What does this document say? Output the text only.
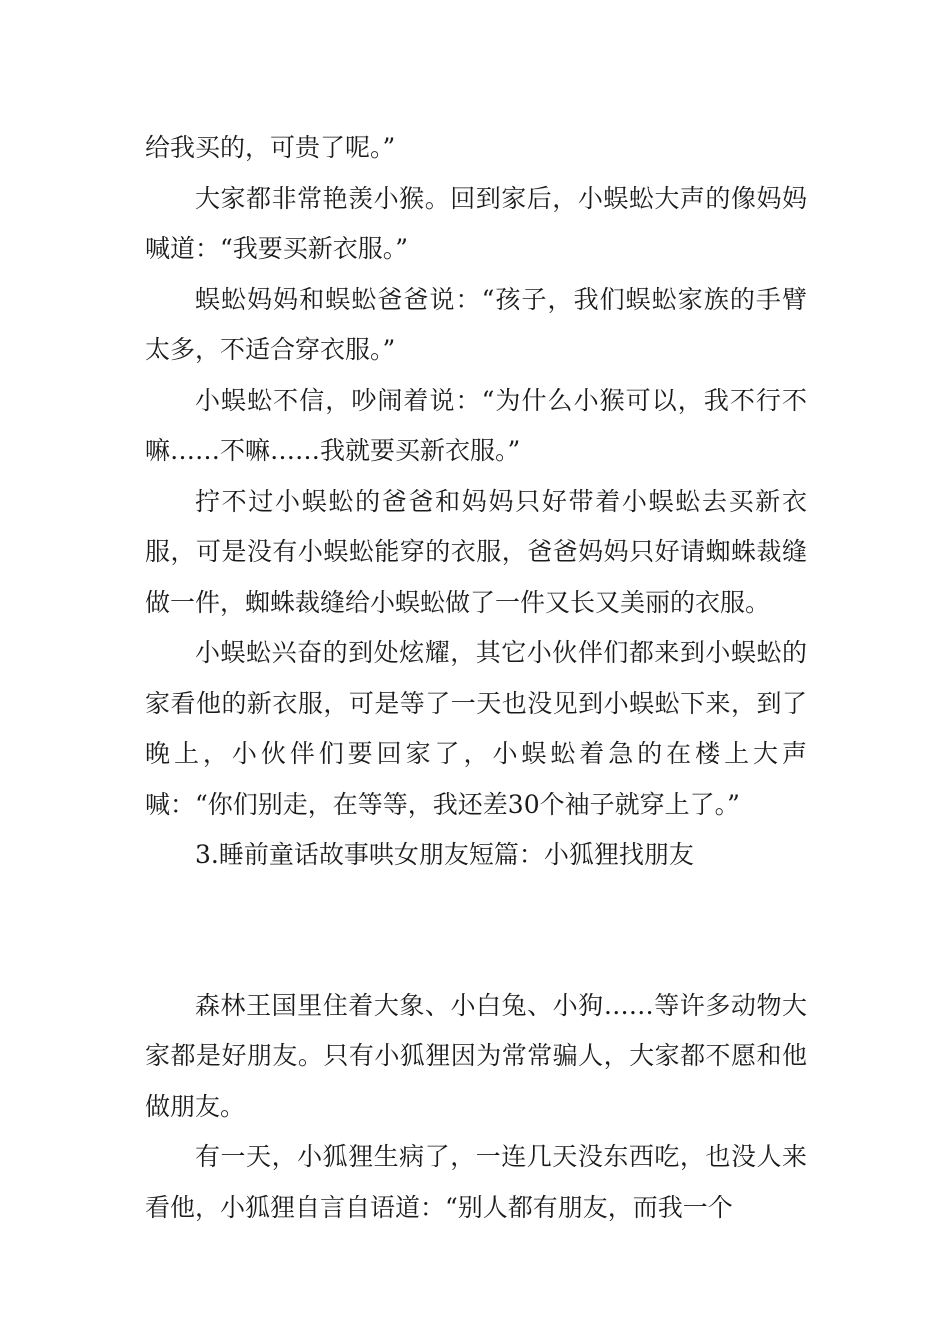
给我买的，可贵了呢。”

大家都非常艳羡小猴。回到家后，小蜈蚣大声的像妈妈喊道：“我要买新衣服。”

蜈蚣妈妈和蜈蚣爸爸说：“孩子，我们蜈蚣家族的手臂太多，不适合穿衣服。”

小蜈蚣不信，吵闹着说：“为什么小猴可以，我不行不嘛……不嘛……我就要买新衣服。”

拧不过小蜈蚣的爸爸和妈妈只好带着小蜈蚣去买新衣服，可是没有小蜈蚣能穿的衣服，爸爸妈妈只好请蜘蛛裁缝做一件，蜘蛛裁缝给小蜈蚣做了一件又长又美丽的衣服。

小蜈蚣兴奋的到处炫耀，其它小伙伴们都来到小蜈蚣的家看他的新衣服，可是等了一天也没见到小蜈蚣下来，到了晚上，小伙伴们要回家了，小蜈蚣着急的在楼上大声喊：“你们别走，在等等，我还差30个袖子就穿上了。”

3.睡前童话故事哄女朋友短篇：小狐狸找朋友

森林王国里住着大象、小白兔、小狗……等许多动物大家都是好朋友。只有小狐狸因为常常骗人，大家都不愿和他做朋友。

有一天，小狐狸生病了，一连几天没东西吃，也没人来看他，小狐狸自言自语道：“别人都有朋友，而我一个
